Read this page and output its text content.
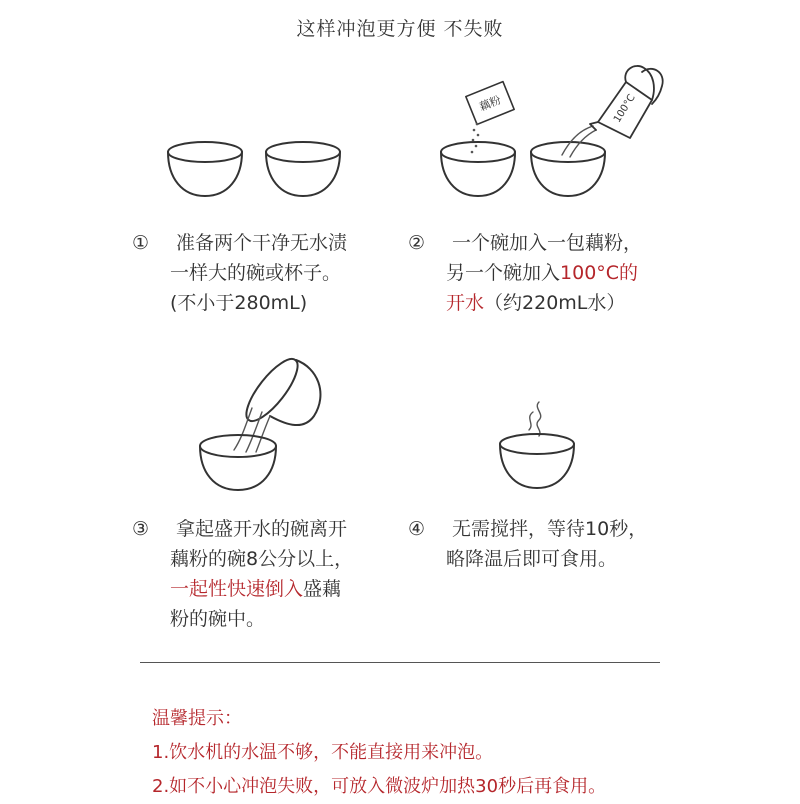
这样冲泡更方便 不失败
藕粉	100°C
① 准备两个干净无水渍
一样大的碗或杯子。
(不小于280mL)
② 一个碗加入一包藕粉，
另一个碗加入100°C的
开水（约220mL水）
③ 拿起盛开水的碗离开
藕粉的碗8公分以上，
一起性快速倒入盛藕
粉的碗中。
④ 无需搅拌，等待10秒，
略降温后即可食用。
温馨提示：
1.饮水机的水温不够，不能直接用来冲泡。
2.如不小心冲泡失败，可放入微波炉加热30秒后再食用。
